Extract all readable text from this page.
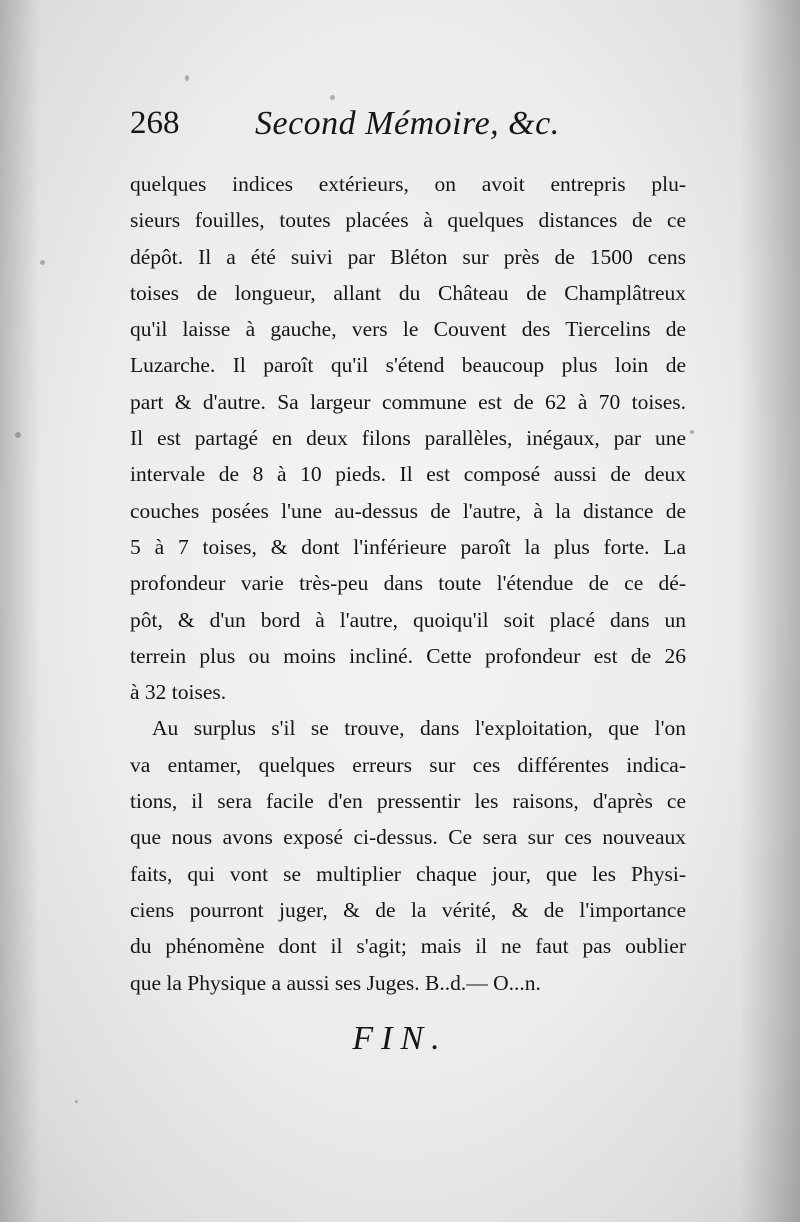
268 Second Mémoire, &c.
quelques indices extérieurs, on avoit entrepris plu-
sieurs fouilles, toutes placées à quelques distances de ce
dépôt. Il a été suivi par Bléton sur près de 1500 cens
toises de longueur, allant du Château de Champlâtreux
qu'il laisse à gauche, vers le Couvent des Tiercelins de
Luzarche. Il paroît qu'il s'étend beaucoup plus loin de
part & d'autre. Sa largeur commune est de 62 à 70 toises.
Il est partagé en deux filons parallèles, inégaux, par une
intervale de 8 à 10 pieds. Il est composé aussi de deux
couches posées l'une au-dessus de l'autre, à la distance de
5 à 7 toises, & dont l'inférieure paroît la plus forte. La
profondeur varie très-peu dans toute l'étendue de ce dé-
pôt, & d'un bord à l'autre, quoiqu'il soit placé dans un
terrein plus ou moins incliné. Cette profondeur est de 26
à 32 toises.
Au surplus s'il se trouve, dans l'exploitation, que l'on
va entamer, quelques erreurs sur ces différentes indica-
tions, il sera facile d'en pressentir les raisons, d'après ce
que nous avons exposé ci-dessus. Ce sera sur ces nouveaux
faits, qui vont se multiplier chaque jour, que les Physi-
ciens pourront juger, & de la vérité, & de l'importance
du phénomène dont il s'agit; mais il ne faut pas oublier
que la Physique a aussi ses Juges. B..d.— O...n.
FIN.
